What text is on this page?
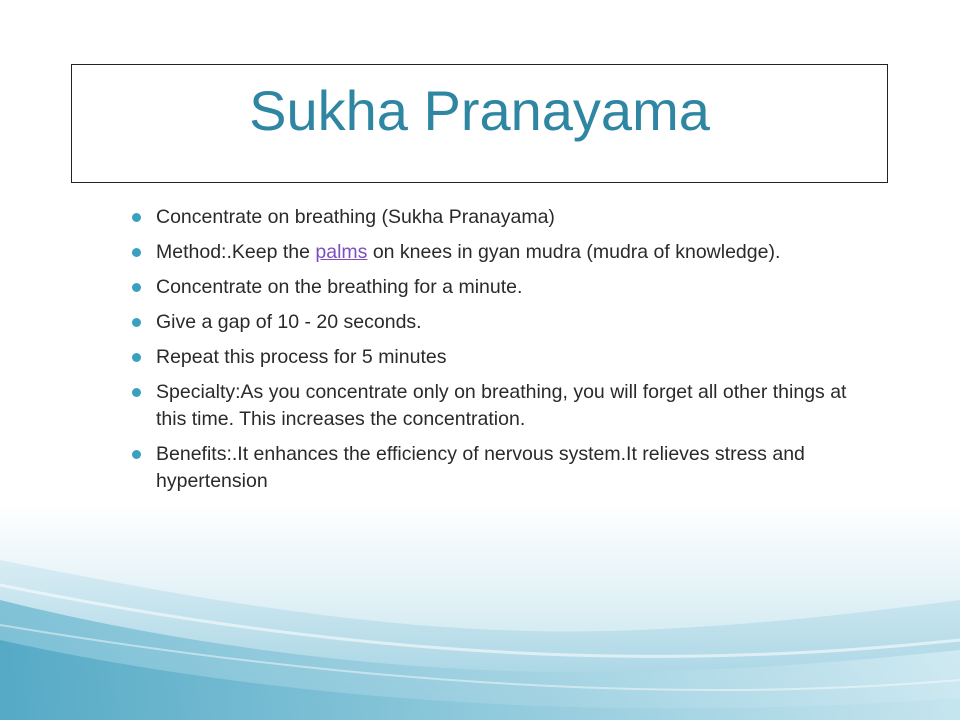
Sukha Pranayama
Concentrate on breathing (Sukha Pranayama)
Method:.Keep the palms on knees in gyan mudra (mudra of knowledge).
Concentrate on the breathing for a minute.
Give a gap of 10 - 20 seconds.
Repeat this process for 5 minutes
Specialty:As you concentrate only on breathing, you will forget all other things at this time. This increases the concentration.
Benefits:.It enhances the efficiency of nervous system.It relieves stress and hypertension
